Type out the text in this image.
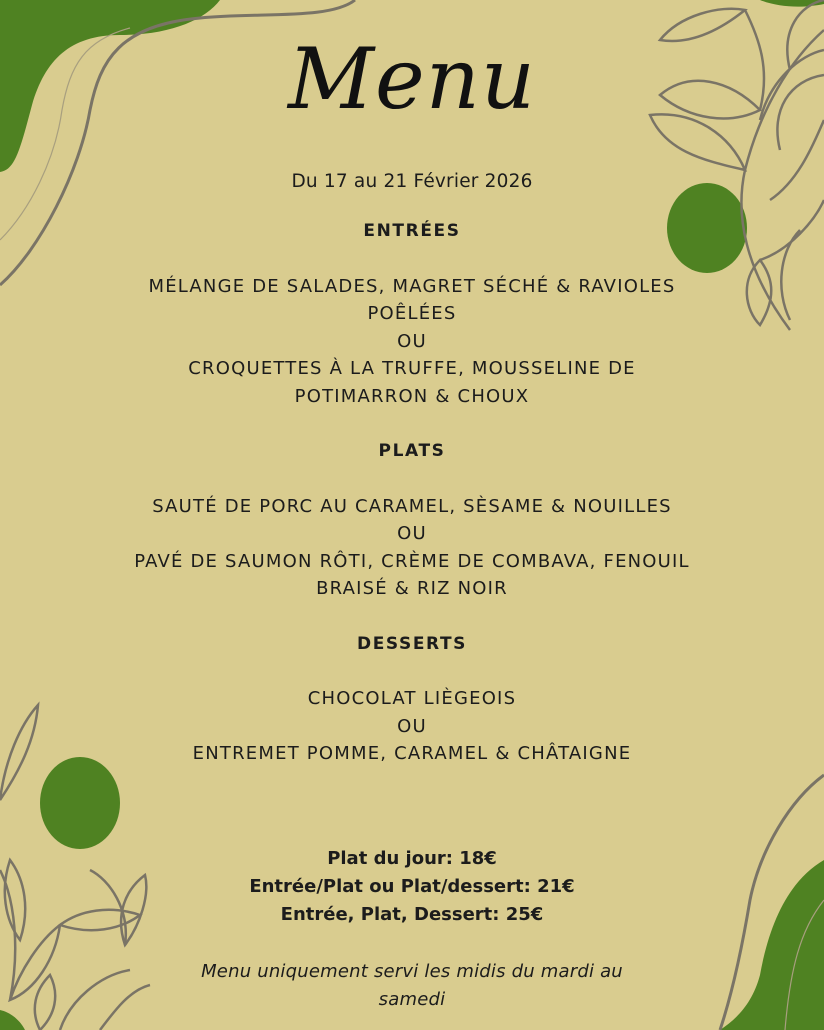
Menu
Du 17 au 21 Février 2026
ENTRÉES
MÉLANGE DE SALADES, MAGRET SÉCHÉ & RAVIOLES
POÊLÉES
OU
CROQUETTES À LA TRUFFE, MOUSSELINE DE
POTIMARRON & CHOUX
PLATS
SAUTÉ DE PORC AU CARAMEL, SÈSAME & NOUILLES
OU
PAVÉ DE SAUMON RÔTI, CRÈME DE COMBAVA, FENOUIL
BRAISÉ & RIZ NOIR
DESSERTS
CHOCOLAT LIÈGEOIS
OU
ENTREMET POMME, CARAMEL & CHÂTAIGNE
Plat du jour: 18€
Entrée/Plat ou Plat/dessert: 21€
Entrée, Plat, Dessert: 25€
Menu uniquement servi les midis du mardi au
samedi
